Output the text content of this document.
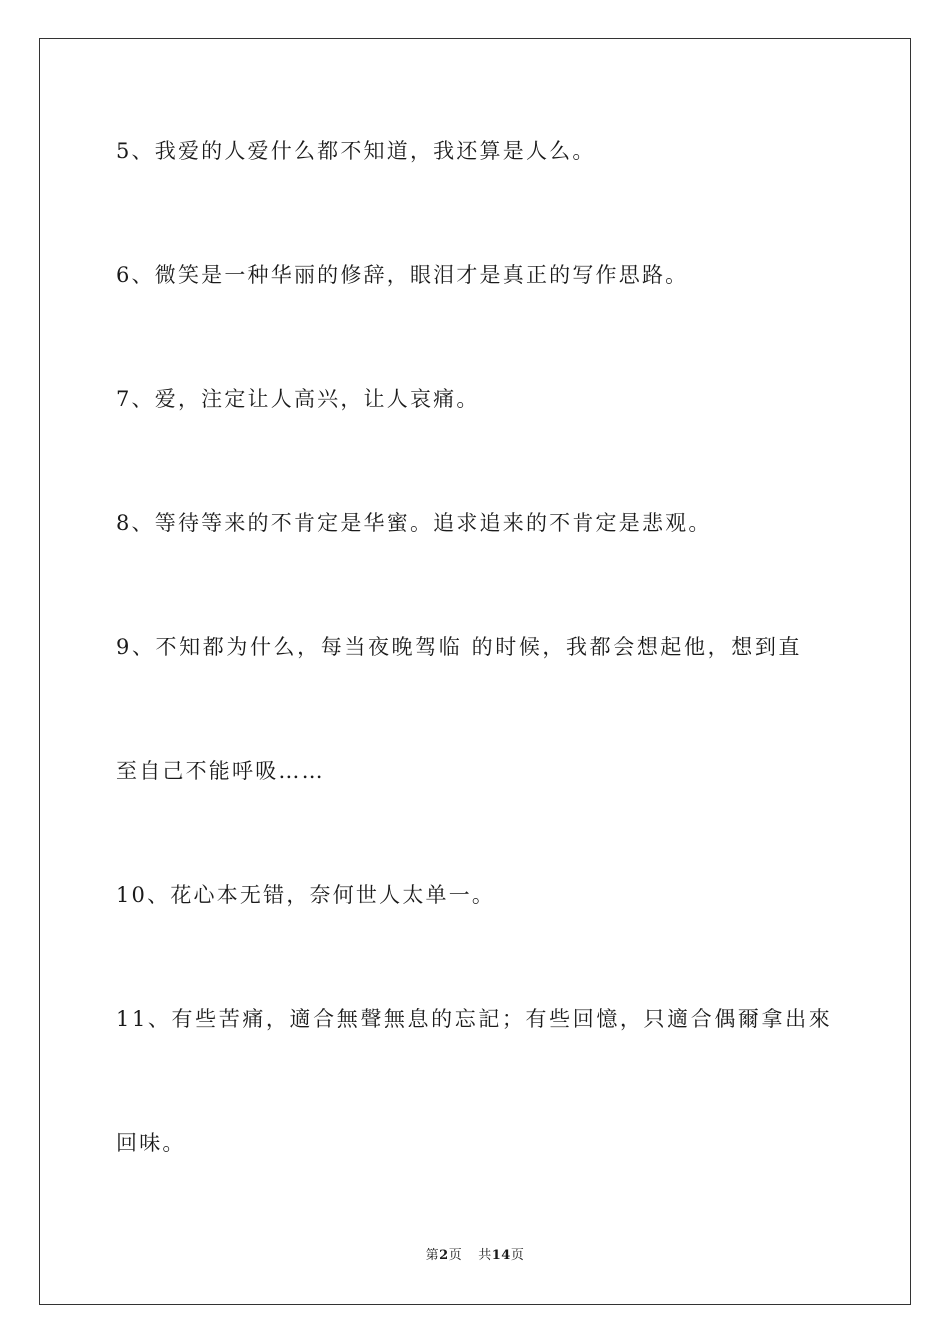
5、我爱的人爱什么都不知道，我还算是人么。
6、微笑是一种华丽的修辞，眼泪才是真正的写作思路。
7、爱，注定让人高兴，让人哀痛。
8、等待等来的不肯定是华蜜。追求追来的不肯定是悲观。
9、不知都为什么，每当夜晚驾临 的时候，我都会想起他，想到直
至自己不能呼吸……
10、花心本无错，奈何世人太单一。
11、有些苦痛，適合無聲無息的忘記；有些回憶，只適合偶爾拿出來
回味。
第2页 共14页
